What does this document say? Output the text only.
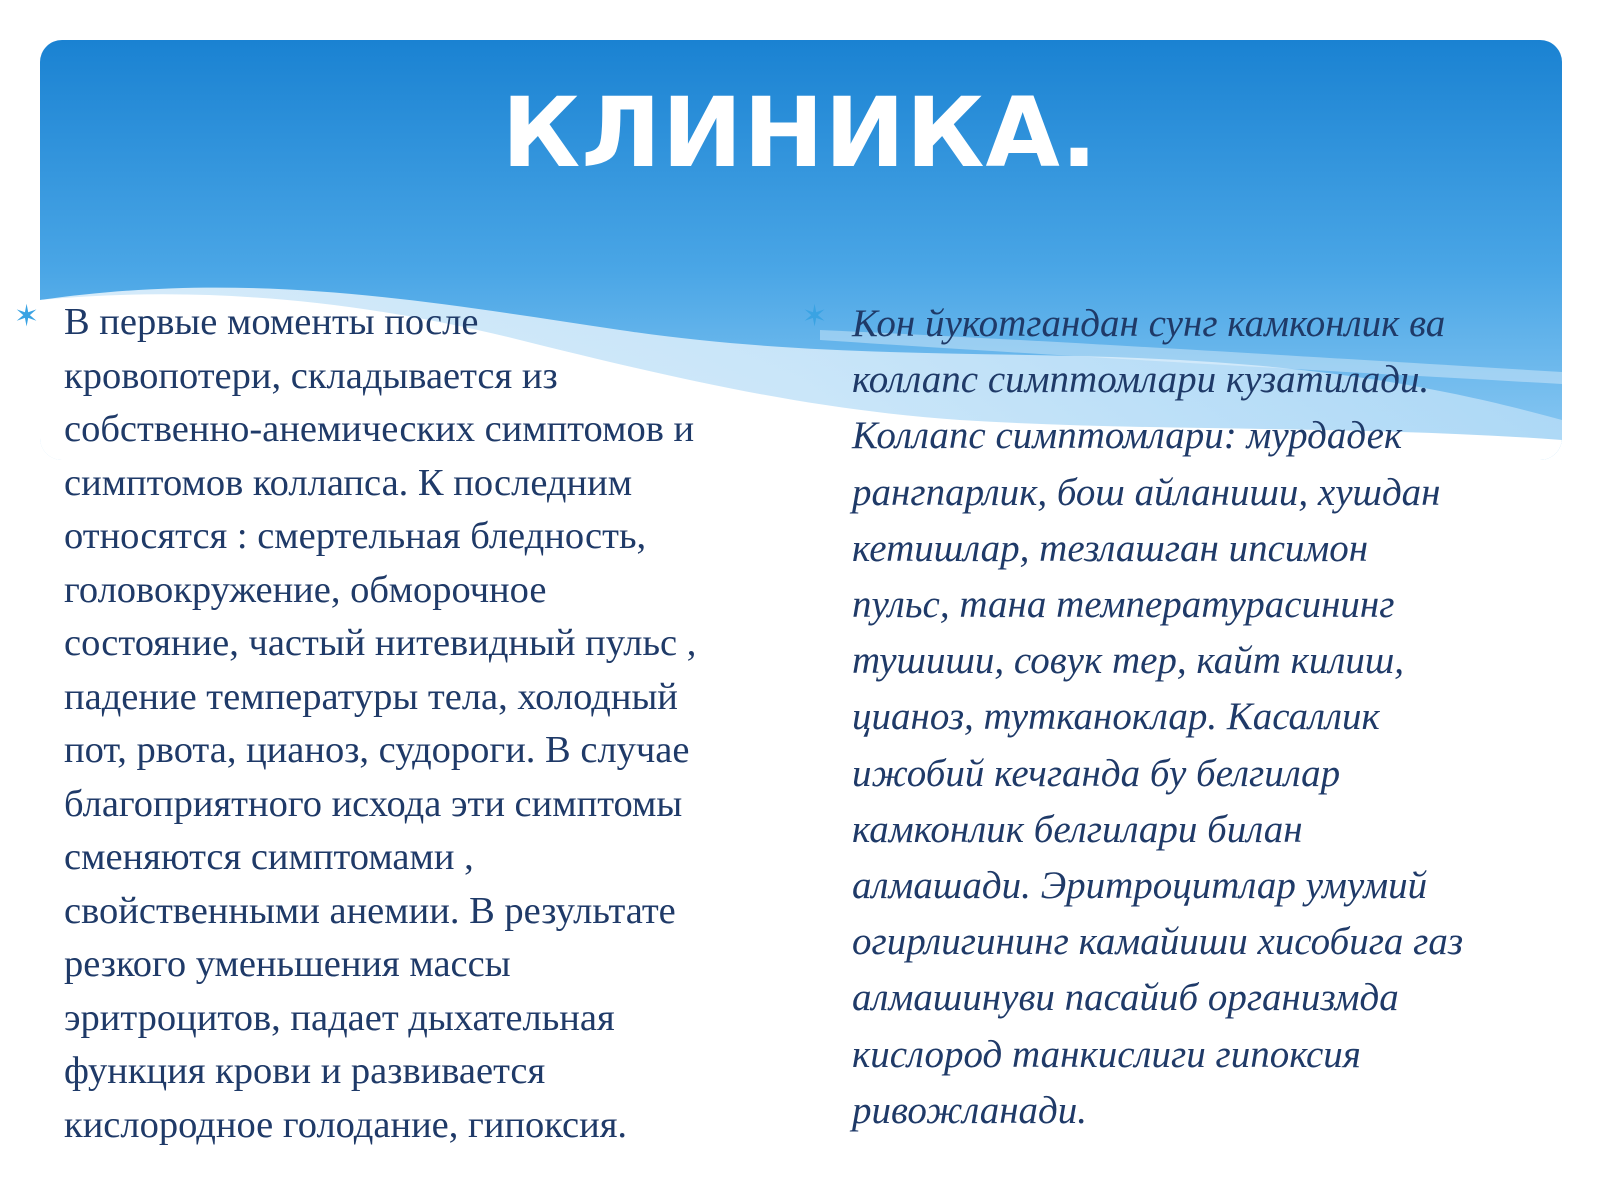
КЛИНИКА.
✶ В первые моменты после
кровопотери, складывается из
собственно-анемических симптомов и
симптомов коллапса. К последним
относятся : смертельная бледность,
головокружение, обморочное
состояние, частый нитевидный пульс ,
падение температуры тела, холодный
пот, рвота, цианоз, судороги. В случае
благоприятного исхода эти симптомы
сменяются симптомами ,
свойственными анемии. В результате
резкого уменьшения массы
эритроцитов, падает дыхательная
функция крови и развивается
кислородное голодание, гипоксия.
✶ Кон йукотгандан сунг камконлик ва
коллапс симптомлари кузатилади.
Коллапс симптомлари: мурдадек
рангпарлик, бош айланиши, хушдан
кетишлар, тезлашган ипсимон
пульс, тана температурасининг
тушиши, совук тер, кайт килиш,
цианоз, тутканоклар. Касаллик
ижобий кечганда бу белгилар
камконлик белгилари билан
алмашади. Эритроцитлар умумий
огирлигининг камайиши хисобига газ
алмашинуви пасайиб организмда
кислород танкислиги гипоксия
ривожланади.
